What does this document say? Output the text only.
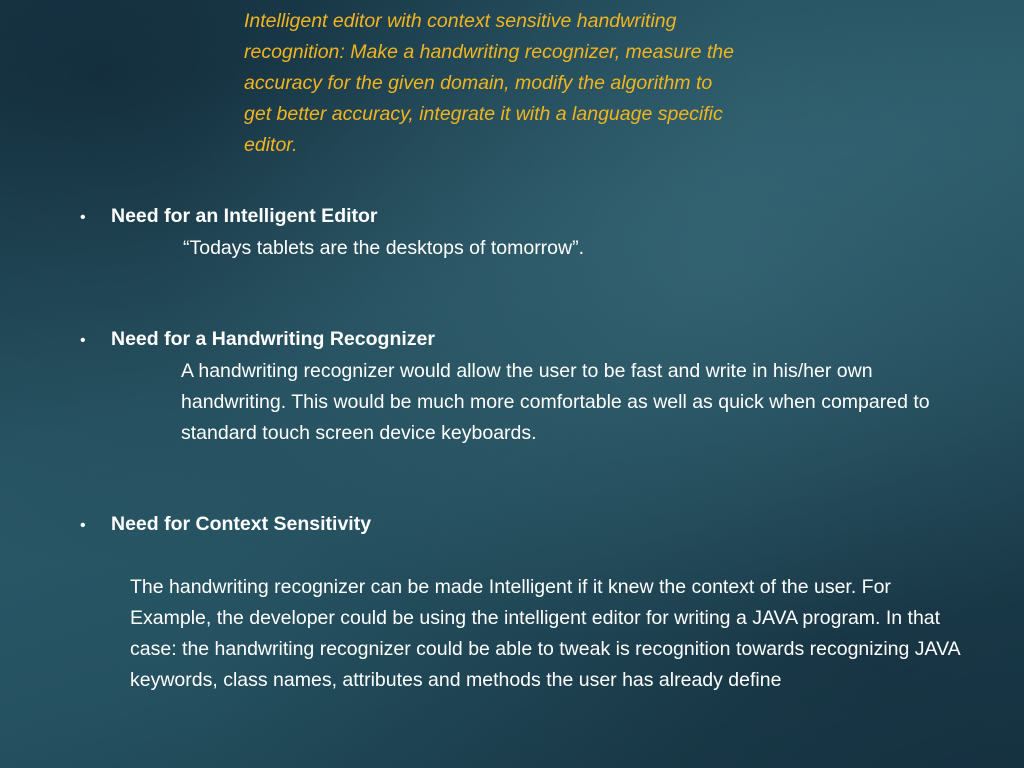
Intelligent editor with context sensitive handwriting recognition: Make a handwriting recognizer, measure the accuracy for the given domain, modify the algorithm to get better accuracy, integrate it with a language specific editor.
•	Need for an Intelligent Editor
“Todays tablets are the desktops of tomorrow”.
•	Need for a Handwriting Recognizer
A handwriting recognizer would allow the user to be fast and write in his/her own handwriting. This would be much more comfortable as well as quick when compared to standard touch screen device keyboards.
•	Need for Context Sensitivity
The handwriting recognizer can be made Intelligent if it knew the context of the user. For Example, the developer could be using the intelligent editor for writing a JAVA program. In that case: the handwriting recognizer could be able to tweak is recognition towards recognizing JAVA keywords, class names, attributes and methods the user has already define
